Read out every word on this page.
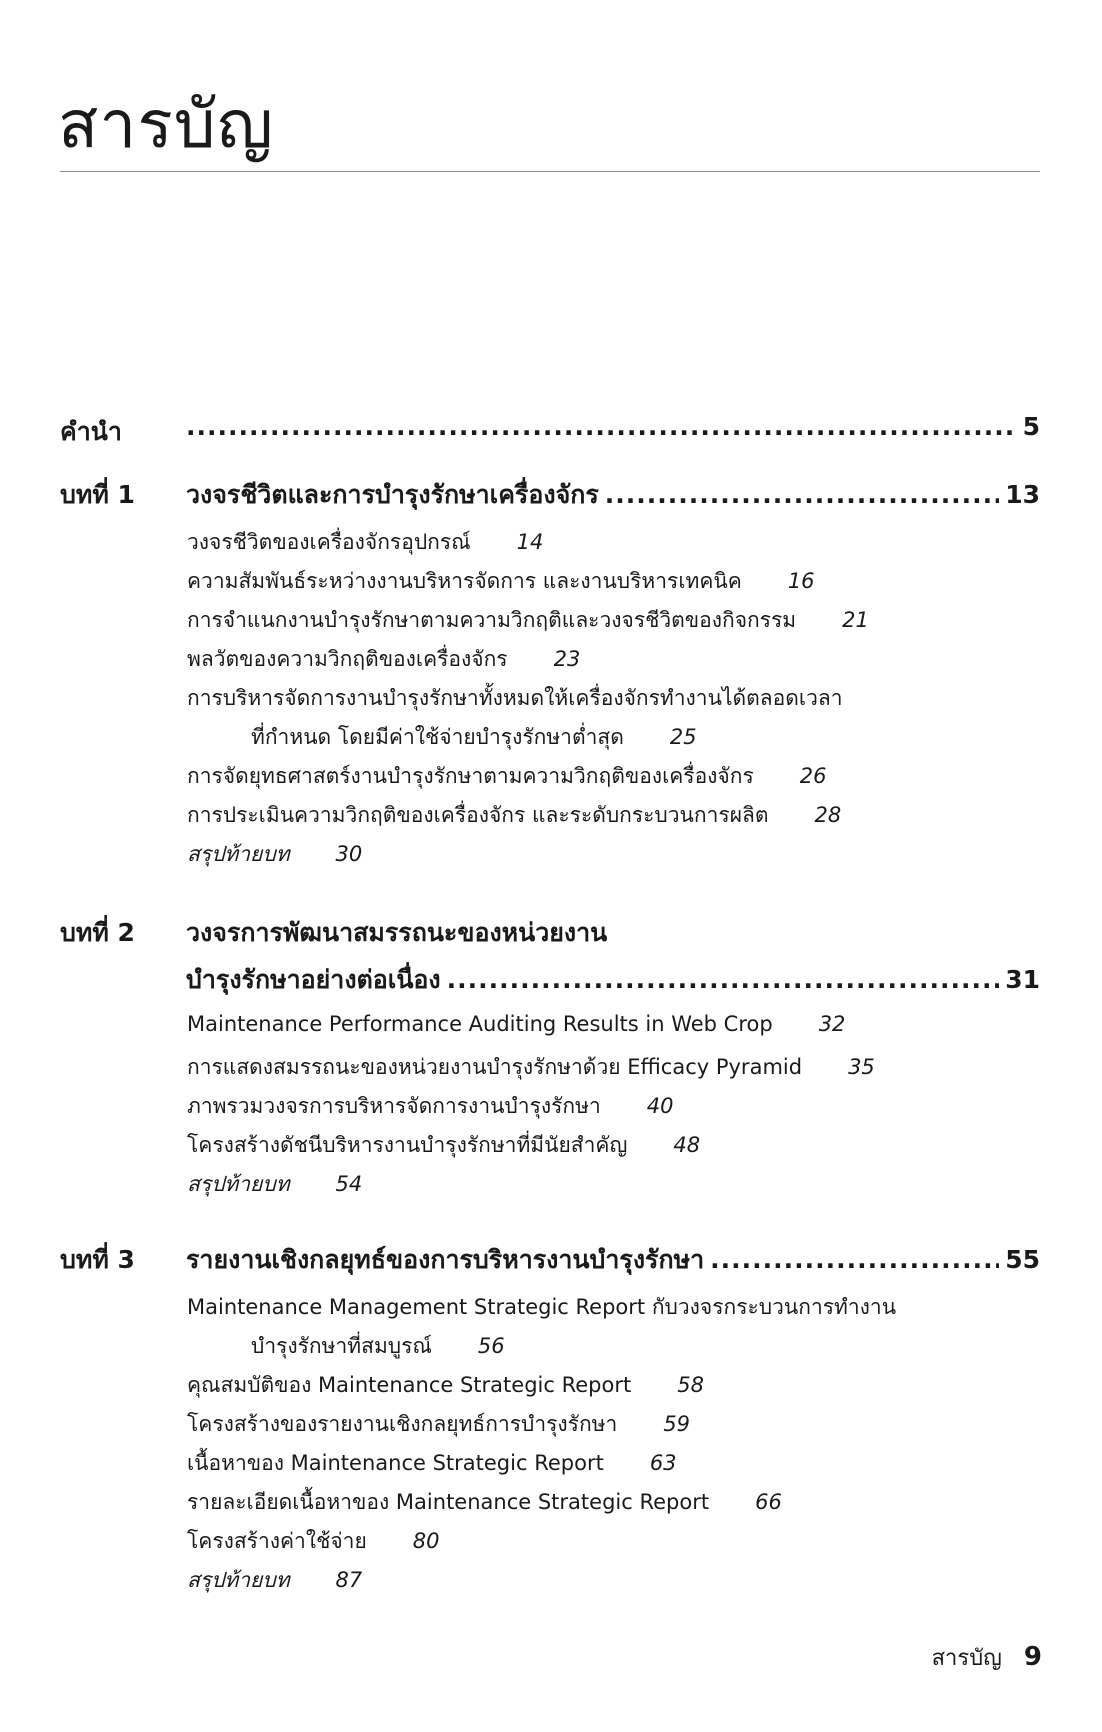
สารบัญ
คำนำ .....	5
บทที่ 1 วงจรชีวิตและการบำรุงรักษาเครื่องจักร .....	13
วงจรชีวิตของเครื่องจักรอุปกรณ์ 14
ความสัมพันธ์ระหว่างงานบริหารจัดการ และงานบริหารเทคนิค 16
การจำแนกงานบำรุงรักษาตามความวิกฤติและวงจรชีวิตของกิจกรรม 21
พลวัตของความวิกฤติของเครื่องจักร 23
การบริหารจัดการงานบำรุงรักษาทั้งหมดให้เครื่องจักรทำงานได้ตลอดเวลา
ที่กำหนด โดยมีค่าใช้จ่ายบำรุงรักษาต่ำสุด 25
การจัดยุทธศาสตร์งานบำรุงรักษาตามความวิกฤติของเครื่องจักร 26
การประเมินความวิกฤติของเครื่องจักร และระดับกระบวนการผลิต 28
สรุปท้ายบท 30
บทที่ 2 วงจรการพัฒนาสมรรถนะของหน่วยงาน
บำรุงรักษาอย่างต่อเนื่อง .....	31
Maintenance Performance Auditing Results in Web Crop 32
การแสดงสมรรถนะของหน่วยงานบำรุงรักษาด้วย Efficacy Pyramid 35
ภาพรวมวงจรการบริหารจัดการงานบำรุงรักษา 40
โครงสร้างดัชนีบริหารงานบำรุงรักษาที่มีนัยสำคัญ 48
สรุปท้ายบท 54
บทที่ 3 รายงานเชิงกลยุทธ์ของการบริหารงานบำรุงรักษา .....	55
Maintenance Management Strategic Report กับวงจรกระบวนการทำงาน
บำรุงรักษาที่สมบูรณ์ 56
คุณสมบัติของ Maintenance Strategic Report 58
โครงสร้างของรายงานเชิงกลยุทธ์การบำรุงรักษา 59
เนื้อหาของ Maintenance Strategic Report 63
รายละเอียดเนื้อหาของ Maintenance Strategic Report 66
โครงสร้างค่าใช้จ่าย 80
สรุปท้ายบท 87
สารบัญ 9
